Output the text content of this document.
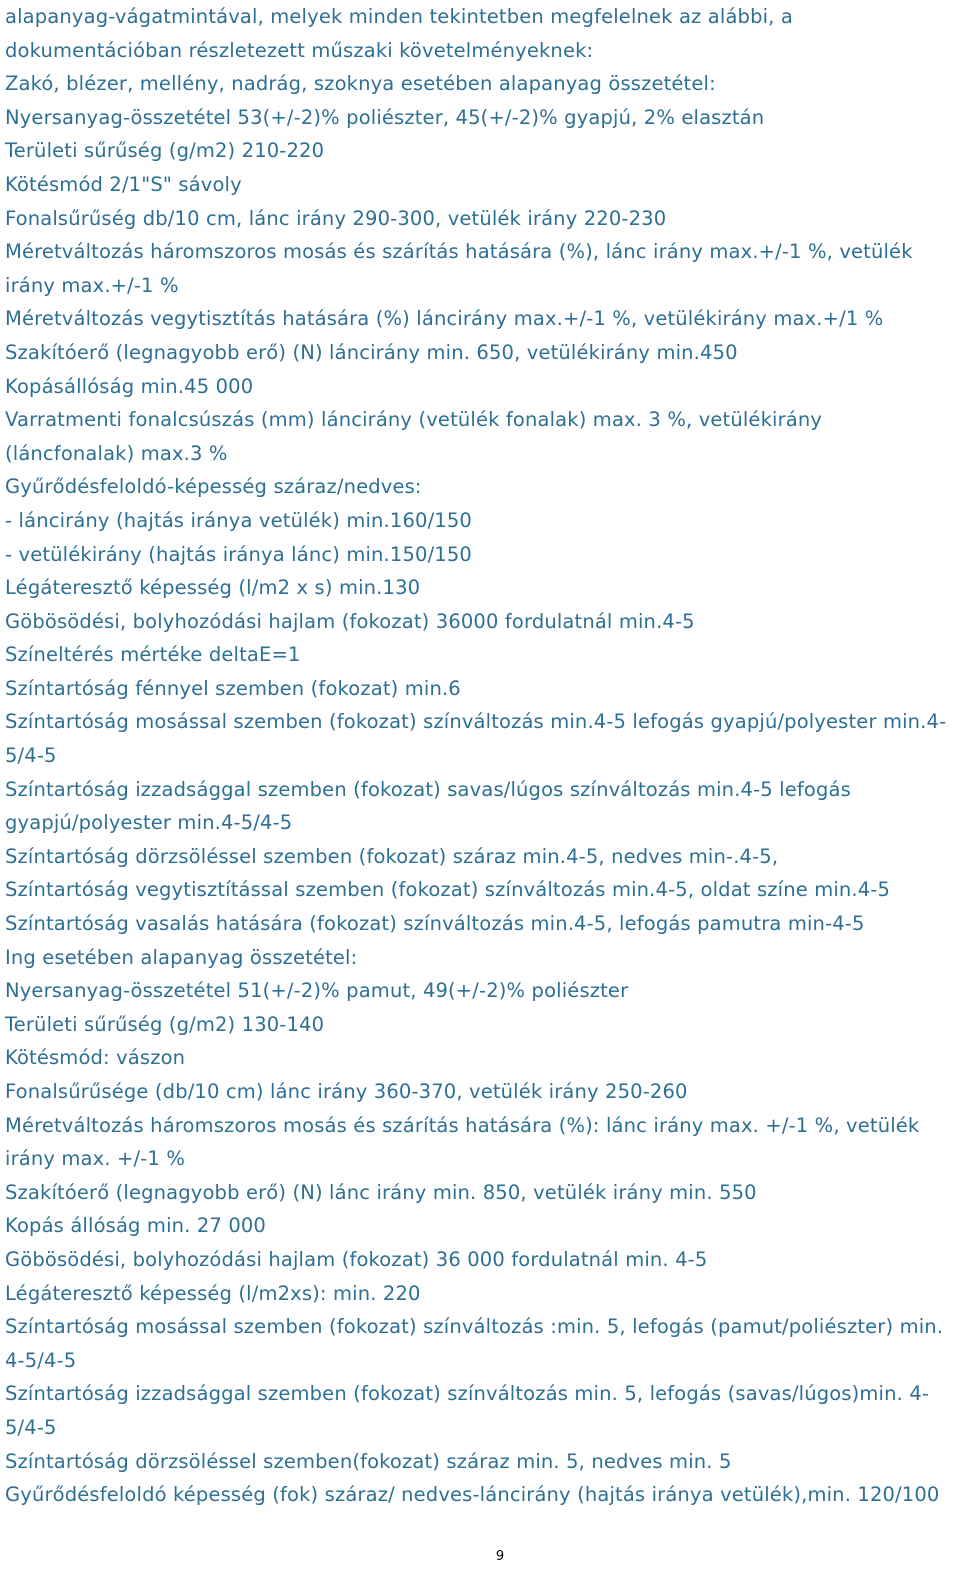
alapanyag-vágatmintával, melyek minden tekintetben megfelelnek az alábbi, a

dokumentációban részletezett műszaki követelményeknek:

Zakó, blézer, mellény, nadrág, szoknya esetében alapanyag összetétel:

Nyersanyag-összetétel 53(+/-2)% poliészter, 45(+/-2)% gyapjú, 2% elasztán

Területi sűrűség (g/m2) 210-220

Kötésmód 2/1"S" sávoly

Fonalsűrűség db/10 cm, lánc irány 290-300, vetülék irány 220-230

Méretváltozás háromszoros mosás és szárítás hatására (%), lánc irány max.+/-1 %, vetülék irány max.+/-1 %

Méretváltozás vegytisztítás hatására (%) láncirány max.+/-1 %, vetülékirány max.+/1 %

Szakítóerő (legnagyobb erő) (N) láncirány min. 650, vetülékirány min.450

Kopásállóság min.45 000

Varratmenti fonalcsúszás (mm) láncirány (vetülék fonalak) max. 3 %, vetülékirány (láncfonalak) max.3 %

Gyűrődésfeloldó-képesség száraz/nedves:

- láncirány (hajtás iránya vetülék) min.160/150

- vetülékirány (hajtás iránya lánc) min.150/150

Légáteresztő képesség (l/m2 x s) min.130

Göbösödési, bolyhozódási hajlam (fokozat) 36000 fordulatnál min.4-5

Színeltérés mértéke deltaE=1

Színtartóság fénnyel szemben (fokozat) min.6

Színtartóság mosással szemben (fokozat) színváltozás min.4-5 lefogás gyapjú/polyester min.4-5/4-5

Színtartóság izzadsággal szemben (fokozat) savas/lúgos színváltozás min.4-5 lefogás gyapjú/polyester min.4-5/4-5

Színtartóság dörzsöléssel szemben (fokozat) száraz min.4-5, nedves min-.4-5,

Színtartóság vegytisztítással szemben (fokozat) színváltozás min.4-5, oldat színe min.4-5

Színtartóság vasalás hatására (fokozat) színváltozás min.4-5, lefogás pamutra min-4-5

Ing esetében alapanyag összetétel:

Nyersanyag-összetétel 51(+/-2)% pamut, 49(+/-2)% poliészter

Területi sűrűség (g/m2) 130-140

Kötésmód: vászon

Fonalsűrűsége (db/10 cm) lánc irány 360-370, vetülék irány 250-260

Méretváltozás háromszoros mosás és szárítás hatására (%): lánc irány max. +/-1 %, vetülék irány max. +/-1 %

Szakítóerő (legnagyobb erő) (N) lánc irány min. 850, vetülék irány min. 550

Kopás állóság min. 27 000

Göbösödési, bolyhozódási hajlam (fokozat) 36 000 fordulatnál min. 4-5

Légáteresztő képesség (l/m2xs): min. 220

Színtartóság mosással szemben (fokozat) színváltozás :min. 5, lefogás (pamut/poliészter) min. 4-5/4-5

Színtartóság izzadsággal szemben (fokozat) színváltozás min. 5, lefogás (savas/lúgos)min. 4-5/4-5

Színtartóság dörzsöléssel szemben(fokozat) száraz min. 5, nedves min. 5

Gyűrődésfeloldó képesség (fok) száraz/ nedves-láncirány (hajtás iránya vetülék),min. 120/100

9
